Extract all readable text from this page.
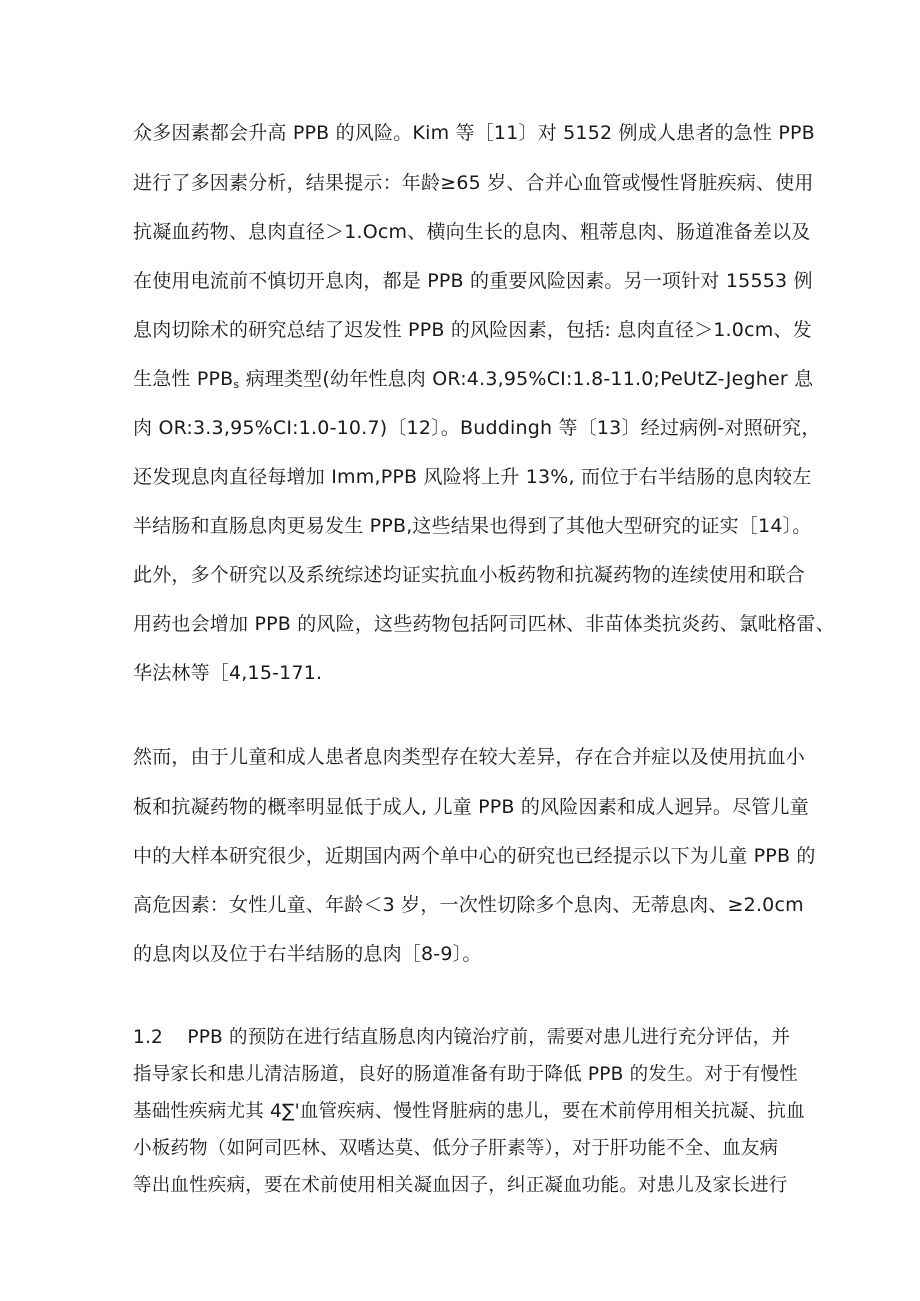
众多因素都会升高 PPB 的风险。Kim 等［11〕对 5152 例成人患者的急性 PPB
进行了多因素分析，结果提示：年龄≥65 岁、合并心血管或慢性肾脏疾病、使用
抗凝血药物、息肉直径＞1.Ocm、横向生长的息肉、粗蒂息肉、肠道准备差以及
在使用电流前不慎切开息肉，都是 PPB 的重要风险因素。另一项针对 15553 例
息肉切除术的研究总结了迟发性 PPB 的风险因素，包括: 息肉直径＞1.0cm、发
生急性 $PPB_s$ 病理类型(幼年性息肉 OR:4.3,95%CI:1.8-11.0;PeUtZ-Jegher 息
肉 OR:3.3,95%CI:1.0-10.7)〔12〕。Buddingh 等〔13〕经过病例-对照研究，
还发现息肉直径每增加 Imm,PPB 风险将上升 13%, 而位于右半结肠的息肉较左
半结肠和直肠息肉更易发生 PPB,这些结果也得到了其他大型研究的证实［14〕。
此外，多个研究以及系统综述均证实抗血小板药物和抗凝药物的连续使用和联合
用药也会增加 PPB 的风险，这些药物包括阿司匹林、非苗体类抗炎药、氯吡格雷、
华法林等［4,15-171.
然而，由于儿童和成人患者息肉类型存在较大差异，存在合并症以及使用抗血小
板和抗凝药物的概率明显低于成人, 儿童 PPB 的风险因素和成人迥异。尽管儿童
中的大样本研究很少，近期国内两个单中心的研究也已经提示以下为儿童 PPB 的
高危因素：女性儿童、年龄＜3 岁，一次性切除多个息肉、无蒂息肉、≥2.0cm
的息肉以及位于右半结肠的息肉［8-9〕。
1.2    PPB 的预防在进行结直肠息肉内镜治疗前，需要对患儿进行充分评估，并
指导家长和患儿清洁肠道，良好的肠道准备有助于降低 PPB 的发生。对于有慢性
基础性疾病尤其 4∑'血管疾病、慢性肾脏病的患儿，要在术前停用相关抗凝、抗血
小板药物（如阿司匹林、双嗜达莫、低分子肝素等），对于肝功能不全、血友病
等出血性疾病，要在术前使用相关凝血因子，纠正凝血功能。对患儿及家长进行
